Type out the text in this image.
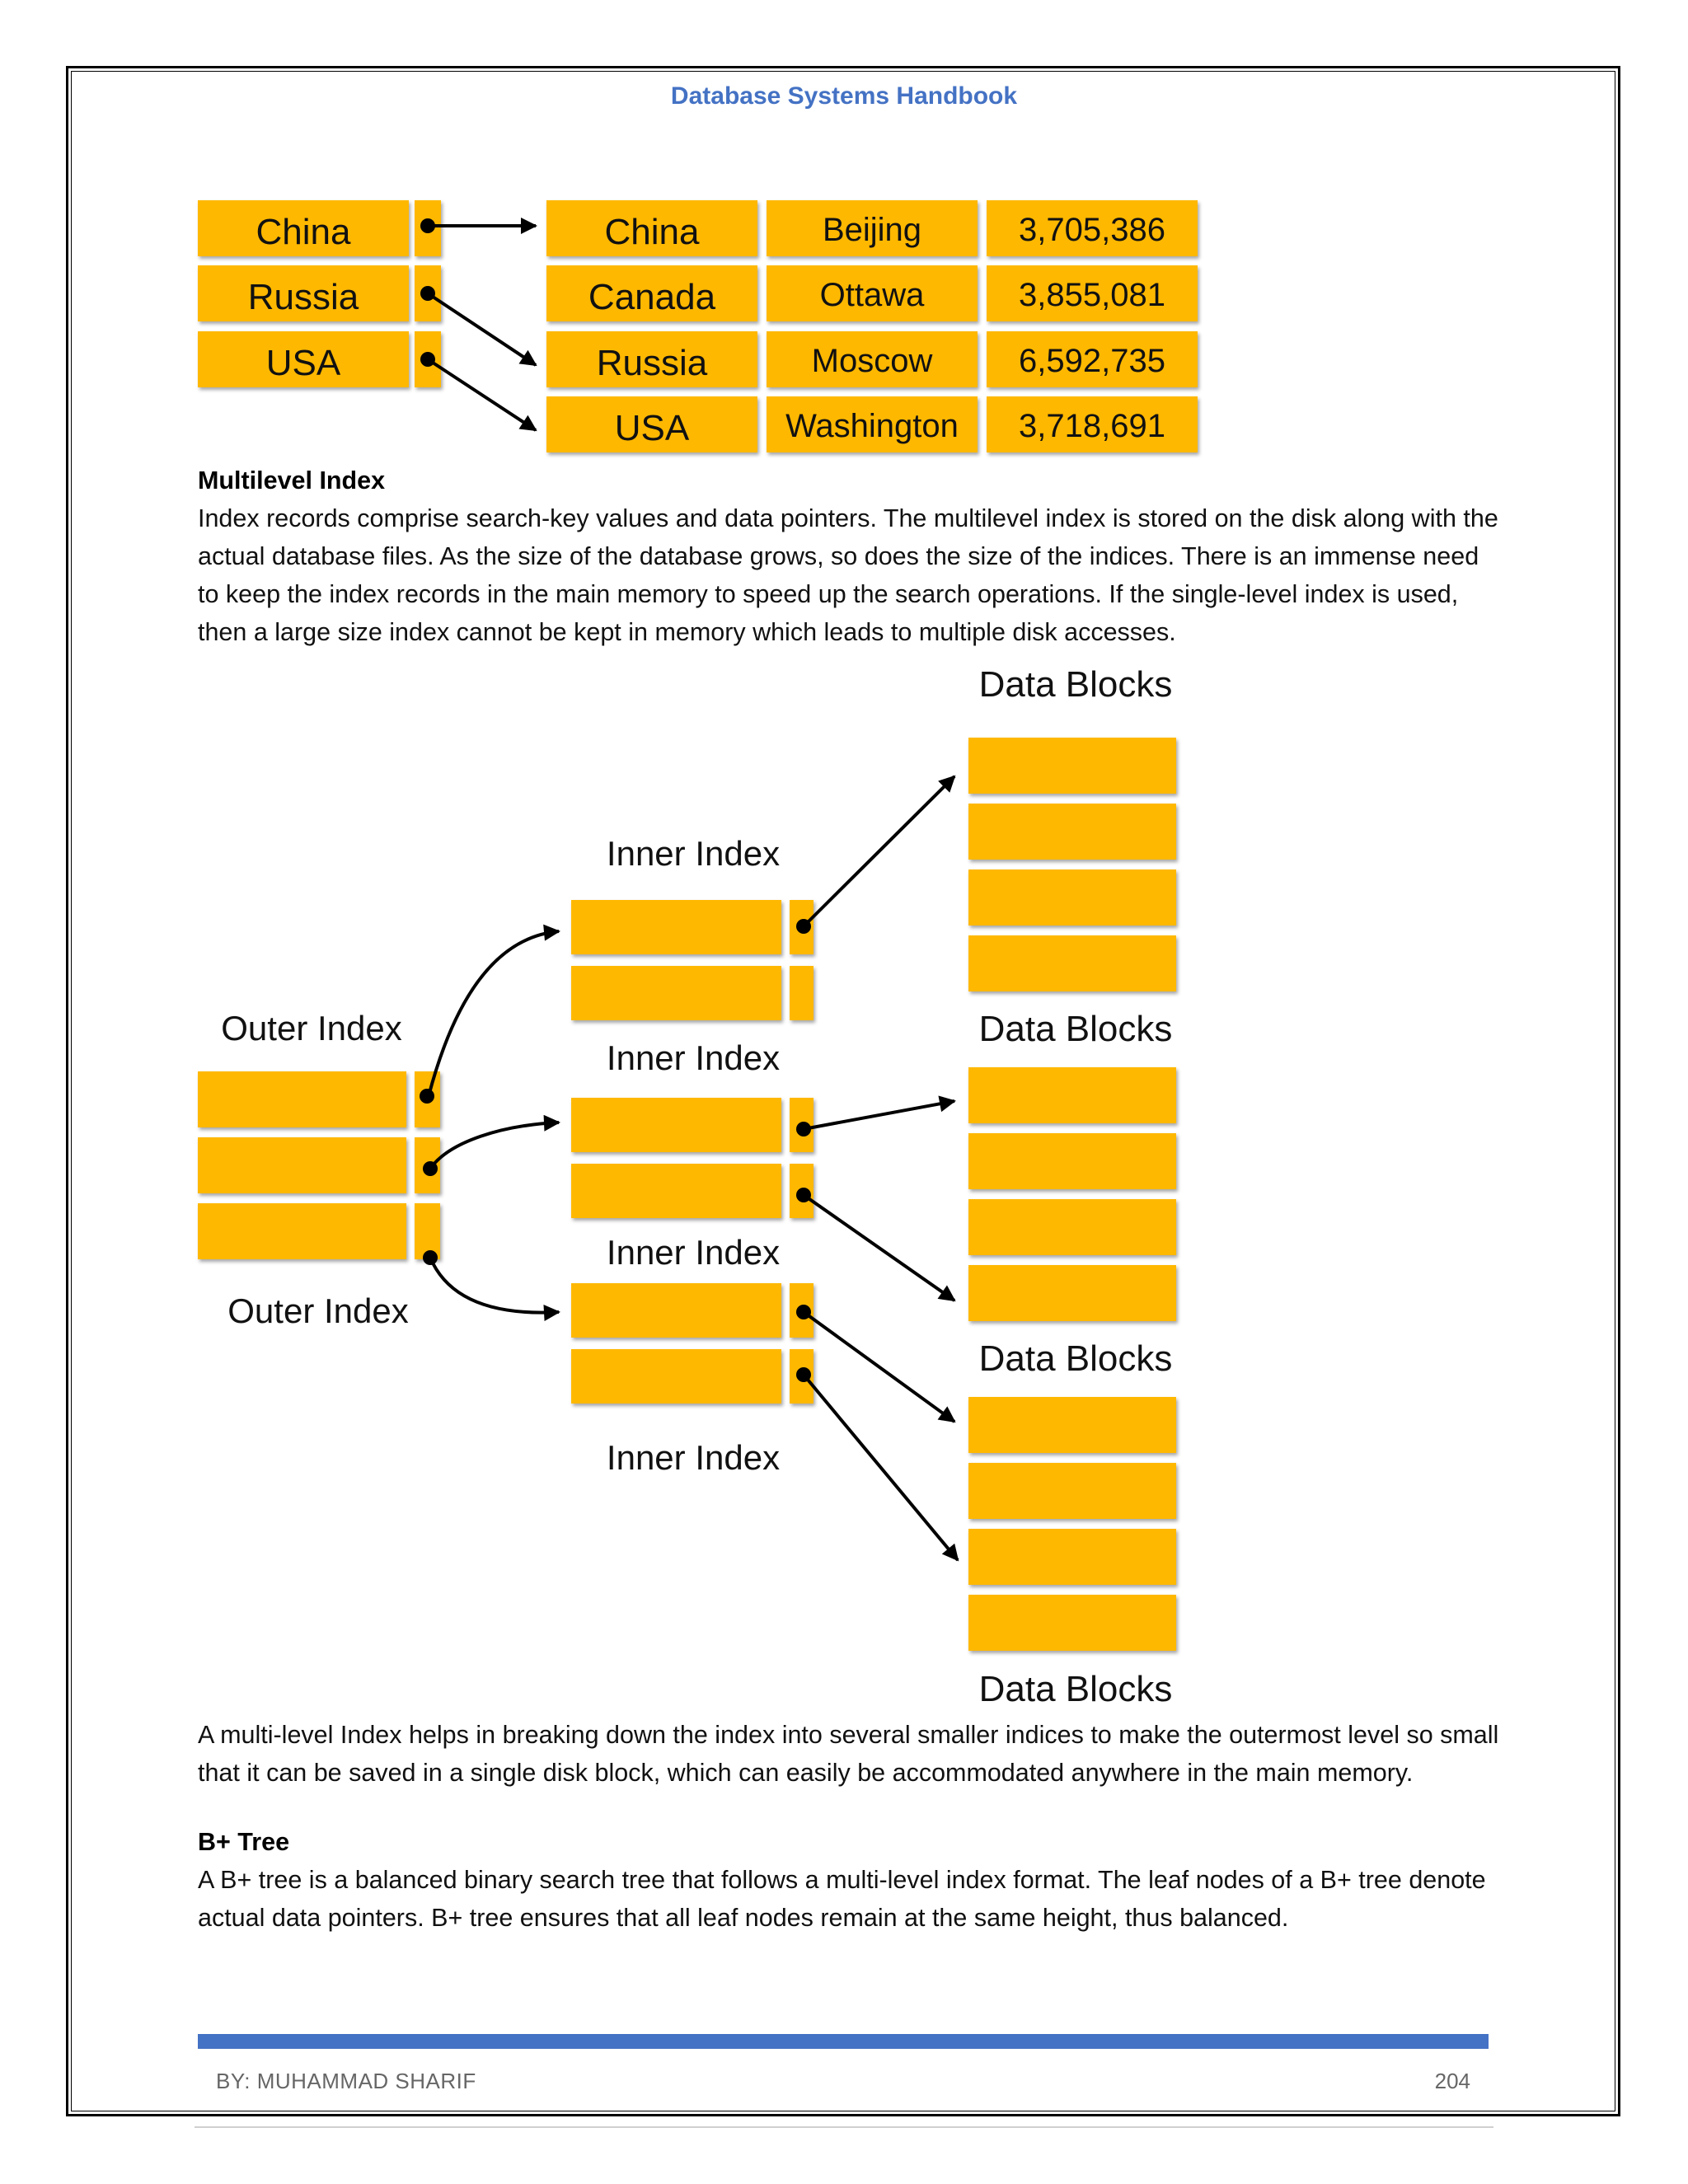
Database Systems Handbook
China
Russia
USA
China	Beijing	3,705,386
Canada	Ottawa	3,855,081
Russia	Moscow	6,592,735
USA	Washington 3,718,691
Data Blocks
Data Blocks
Data Blocks
Data Blocks
Inner Index
Inner Index
Inner Index
Inner Index
Outer Index
Outer Index
Multilevel Index
Index records comprise search-key values and data pointers. The multilevel index is stored on the disk along with the actual database files. As the size of the database grows, so does the size of the indices. There is an immense need to keep the index records in the main memory to speed up the search operations. If the single-level index is used, then a large size index cannot be kept in memory which leads to multiple disk accesses.
A multi-level Index helps in breaking down the index into several smaller indices to make the outermost level so small that it can be saved in a single disk block, which can easily be accommodated anywhere in the main memory.
B+ Tree
A B+ tree is a balanced binary search tree that follows a multi-level index format. The leaf nodes of a B+ tree denote actual data pointers. B+ tree ensures that all leaf nodes remain at the same height, thus balanced.
BY: MUHAMMAD SHARIF	204
